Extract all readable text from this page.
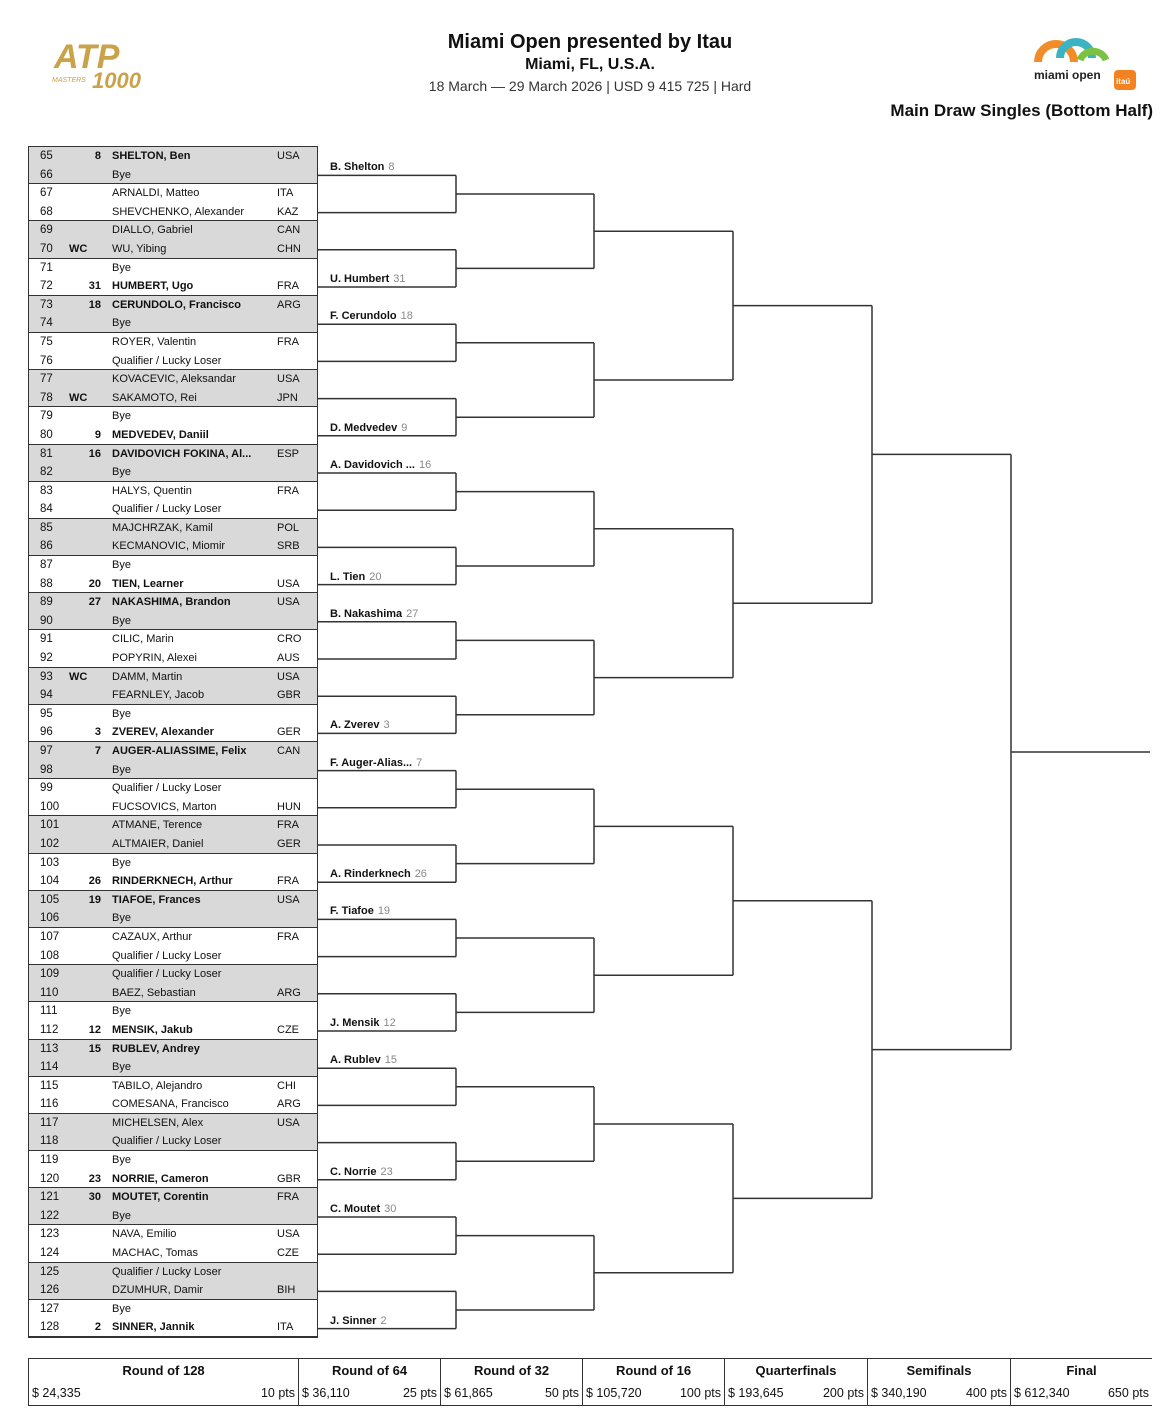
ATP
MASTERS 1000
Miami Open presented by Itau
Miami, FL, U.S.A.
18 March — 29 March 2026 | USD 9 415 725 | Hard
miami open itaú
Main Draw Singles (Bottom Half)
65	8 SHELTON, Ben	USA
66	Bye
67	ARNALDI, Matteo	ITA
68	SHEVCHENKO, Alexander	KAZ
69	DIALLO, Gabriel	CAN
70	WC	WU, Yibing	CHN
71	Bye
72	31 HUMBERT, Ugo	FRA
73	18 CERUNDOLO, Francisco	ARG
74	Bye
75	ROYER, Valentin	FRA
76	Qualifier / Lucky Loser
77	KOVACEVIC, Aleksandar	USA
78	WC	SAKAMOTO, Rei	JPN
79	Bye
80	9 MEDVEDEV, Daniil
81	16 DAVIDOVICH FOKINA, Al...	ESP
82	Bye
83	HALYS, Quentin	FRA
84	Qualifier / Lucky Loser
85	MAJCHRZAK, Kamil	POL
86	KECMANOVIC, Miomir	SRB
87	Bye
88	20 TIEN, Learner	USA
89	27 NAKASHIMA, Brandon	USA
90	Bye
91	CILIC, Marin	CRO
92	POPYRIN, Alexei	AUS
93	WC	DAMM, Martin	USA
94	FEARNLEY, Jacob	GBR
95	Bye
96	3 ZVEREV, Alexander	GER
97	7 AUGER-ALIASSIME, Felix	CAN
98	Bye
99	Qualifier / Lucky Loser
100	FUCSOVICS, Marton	HUN
101	ATMANE, Terence	FRA
102	ALTMAIER, Daniel	GER
103	Bye
104	26 RINDERKNECH, Arthur	FRA
105	19 TIAFOE, Frances	USA
106	Bye
107	CAZAUX, Arthur	FRA
108	Qualifier / Lucky Loser
109	Qualifier / Lucky Loser
110	BAEZ, Sebastian	ARG
111	Bye
112	12 MENSIK, Jakub	CZE
113	15 RUBLEV, Andrey
114	Bye
115	TABILO, Alejandro	CHI
116	COMESANA, Francisco	ARG
117	MICHELSEN, Alex	USA
118	Qualifier / Lucky Loser
119	Bye
120	23 NORRIE, Cameron	GBR
121	30 MOUTET, Corentin	FRA
122	Bye
123	NAVA, Emilio	USA
124	MACHAC, Tomas	CZE
125	Qualifier / Lucky Loser
126	DZUMHUR, Damir	BIH
127	Bye
128	2 SINNER, Jannik	ITA
B. Shelton 8
U. Humbert 31
F. Cerundolo 18
D. Medvedev 9
A. Davidovich ... 16
L. Tien 20
B. Nakashima 27
A. Zverev 3
F. Auger-Alias... 7
A. Rinderknech 26
F. Tiafoe 19
J. Mensik 12
A. Rublev 15
C. Norrie 23
C. Moutet 30
J. Sinner 2
Round of 128
$ 24,335	10 pts
Round of 64
$ 36,110	25 pts
Round of 32
$ 61,865	50 pts
Round of 16
$ 105,720	100 pts
Quarterfinals
$ 193,645	200 pts
Semifinals
$ 340,190	400 pts
Final
$ 612,340	650 pts
